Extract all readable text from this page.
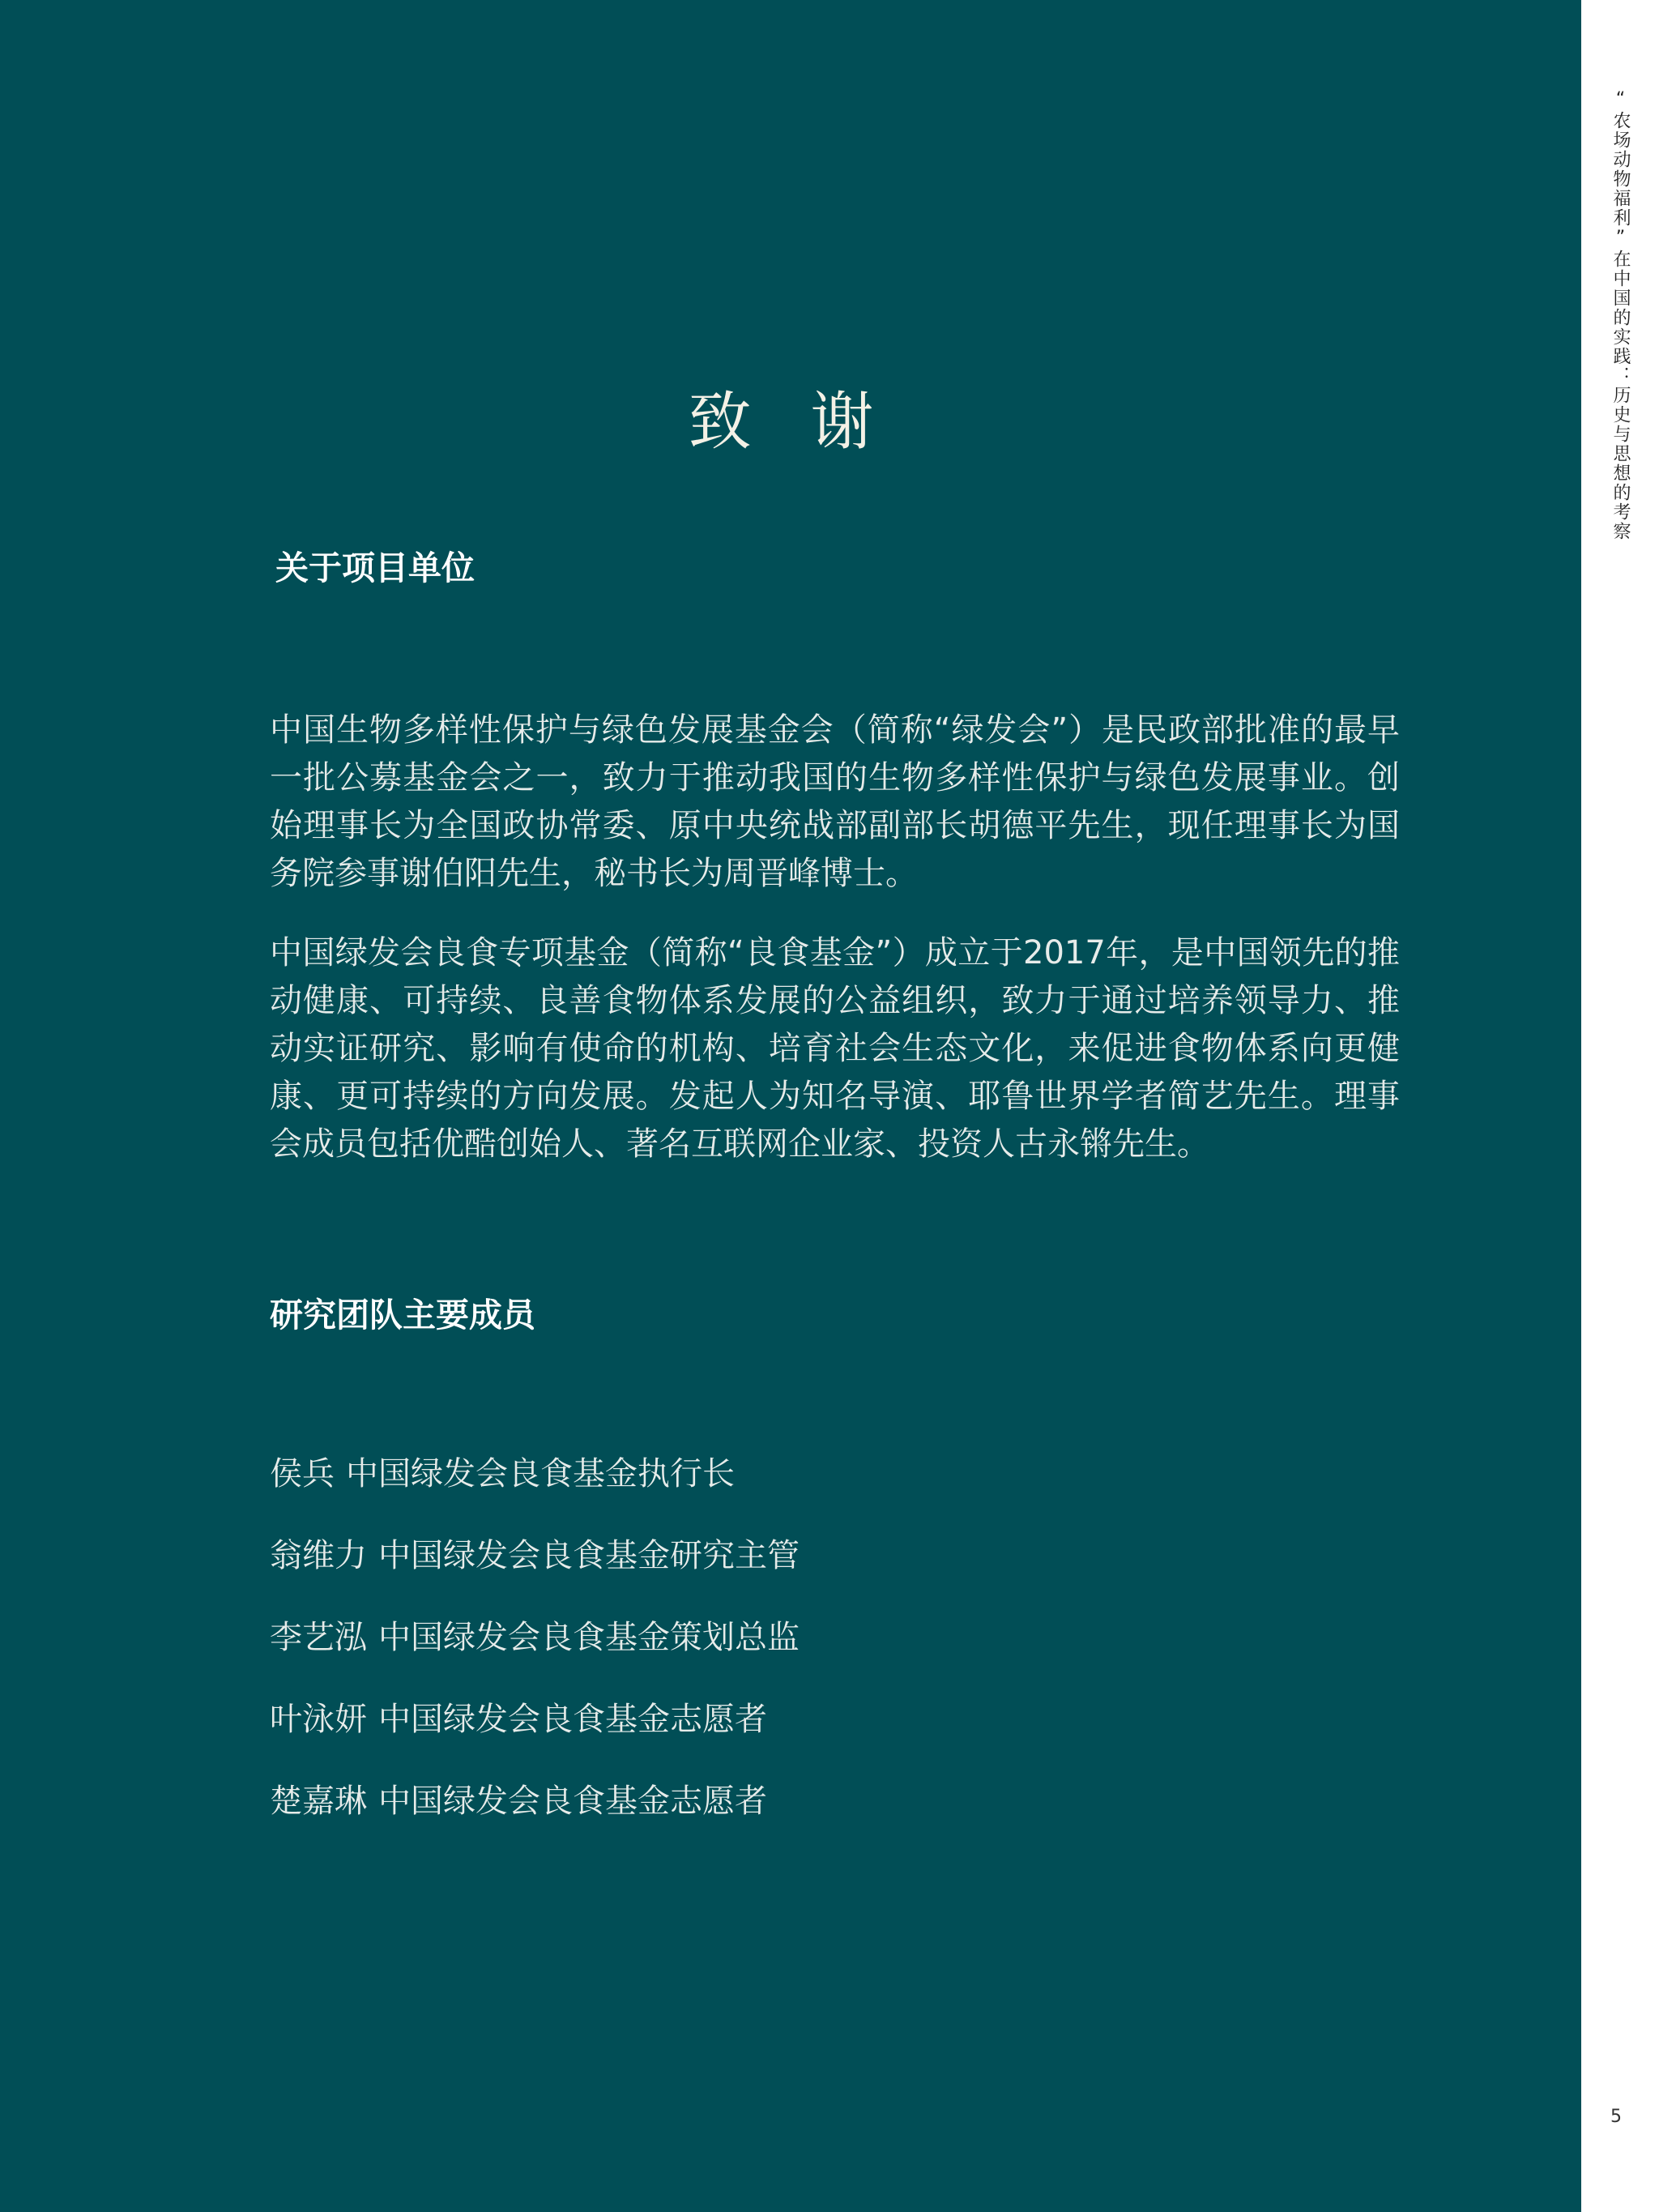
致 谢
关于项目单位

中国生物多样性保护与绿色发展基金会（简称“绿发会”）是民政部批准的最早一批公募基金会之一，致力于推动我国的生物多样性保护与绿色发展事业。创始理事长为全国政协常委、原中央统战部副部长胡德平先生，现任理事长为国务院参事谢伯阳先生，秘书长为周晋峰博士。

中国绿发会良食专项基金（简称“良食基金”）成立于2017年，是中国领先的推动健康、可持续、良善食物体系发展的公益组织，致力于通过培养领导力、推动实证研究、影响有使命的机构、培育社会生态文化，来促进食物体系向更健康、更可持续的方向发展。发起人为知名导演、耶鲁世界学者简艺先生。理事会成员包括优酷创始人、著名互联网企业家、投资人古永锵先生。

研究团队主要成员
侯兵 中国绿发会良食基金执行长
翁维力 中国绿发会良食基金研究主管
李艺泓 中国绿发会良食基金策划总监
叶泳妍 中国绿发会良食基金志愿者
楚嘉琳 中国绿发会良食基金志愿者
“农场动物福利”在中国的实践：历史与思想的考察
5
